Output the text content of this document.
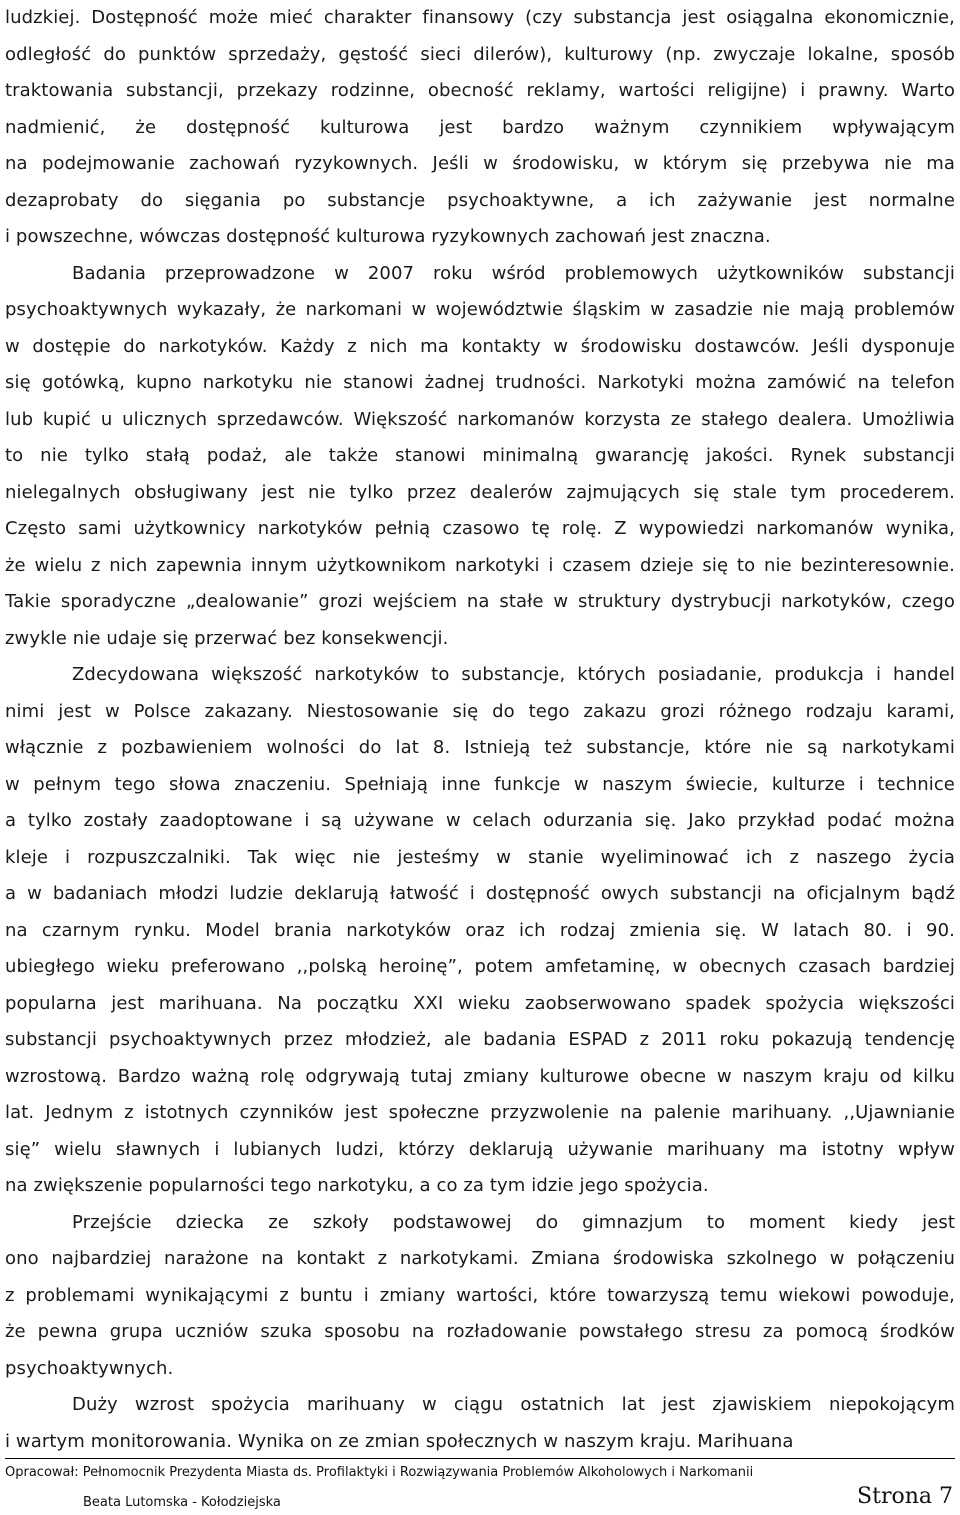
ludzkiej. Dostępność może mieć charakter finansowy (czy substancja jest osiągalna ekonomicznie,
odległość do punktów sprzedaży, gęstość sieci dilerów), kulturowy (np. zwyczaje lokalne, sposób
traktowania substancji, przekazy rodzinne, obecność reklamy, wartości religijne) i prawny. Warto
nadmienić, że dostępność kulturowa jest bardzo ważnym czynnikiem wpływającym
na podejmowanie zachowań ryzykownych. Jeśli w środowisku, w którym się przebywa nie ma
dezaprobaty do sięgania po substancje psychoaktywne, a ich zażywanie jest normalne
i powszechne, wówczas dostępność kulturowa ryzykownych zachowań jest znaczna.
Badania przeprowadzone w 2007 roku wśród problemowych użytkowników substancji
psychoaktywnych wykazały, że narkomani w województwie śląskim w zasadzie nie mają problemów
w dostępie do narkotyków. Każdy z nich ma kontakty w środowisku dostawców. Jeśli dysponuje
się gotówką, kupno narkotyku nie stanowi żadnej trudności. Narkotyki można zamówić na telefon
lub kupić u ulicznych sprzedawców. Większość narkomanów korzysta ze stałego dealera. Umożliwia
to nie tylko stałą podaż, ale także stanowi minimalną gwarancję jakości. Rynek substancji
nielegalnych obsługiwany jest nie tylko przez dealerów zajmujących się stale tym procederem.
Często sami użytkownicy narkotyków pełnią czasowo tę rolę. Z wypowiedzi narkomanów wynika,
że wielu z nich zapewnia innym użytkownikom narkotyki i czasem dzieje się to nie bezinteresownie.
Takie sporadyczne „dealowanie” grozi wejściem na stałe w struktury dystrybucji narkotyków, czego
zwykle nie udaje się przerwać bez konsekwencji.
Zdecydowana większość narkotyków to substancje, których posiadanie, produkcja i handel
nimi jest w Polsce zakazany. Niestosowanie się do tego zakazu grozi różnego rodzaju karami,
włącznie z pozbawieniem wolności do lat 8. Istnieją też substancje, które nie są narkotykami
w pełnym tego słowa znaczeniu. Spełniają inne funkcje w naszym świecie, kulturze i technice
a tylko zostały zaadoptowane i są używane w celach odurzania się. Jako przykład podać można
kleje i rozpuszczalniki. Tak więc nie jesteśmy w stanie wyeliminować ich z naszego życia
a w badaniach młodzi ludzie deklarują łatwość i dostępność owych substancji na oficjalnym bądź
na czarnym rynku. Model brania narkotyków oraz ich rodzaj zmienia się. W latach 80. i 90.
ubiegłego wieku preferowano ,,polską heroinę”, potem amfetaminę, w obecnych czasach bardziej
popularna jest marihuana. Na początku XXI wieku zaobserwowano spadek spożycia większości
substancji psychoaktywnych przez młodzież, ale badania ESPAD z 2011 roku pokazują tendencję
wzrostową. Bardzo ważną rolę odgrywają tutaj zmiany kulturowe obecne w naszym kraju od kilku
lat. Jednym z istotnych czynników jest społeczne przyzwolenie na palenie marihuany. ,,Ujawnianie
się” wielu sławnych i lubianych ludzi, którzy deklarują używanie marihuany ma istotny wpływ
na zwiększenie popularności tego narkotyku, a co za tym idzie jego spożycia.
Przejście dziecka ze szkoły podstawowej do gimnazjum to moment kiedy jest
ono najbardziej narażone na kontakt z narkotykami. Zmiana środowiska szkolnego w połączeniu
z problemami wynikającymi z buntu i zmiany wartości, które towarzyszą temu wiekowi powoduje,
że pewna grupa uczniów szuka sposobu na rozładowanie powstałego stresu za pomocą środków
psychoaktywnych.
Duży wzrost spożycia marihuany w ciągu ostatnich lat jest zjawiskiem niepokojącym
i wartym monitorowania. Wynika on ze zmian społecznych w naszym kraju. Marihuana
Opracował: Pełnomocnik Prezydenta Miasta ds. Profilaktyki i Rozwiązywania Problemów Alkoholowych i Narkomanii
Beata Lutomska - Kołodziejska	Strona 7
